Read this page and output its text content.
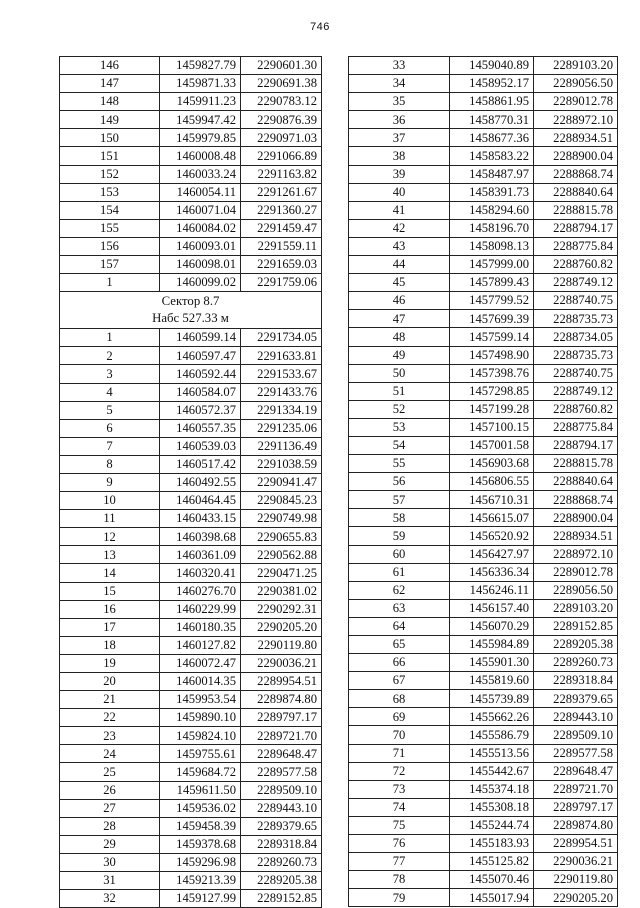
746
146	1459827.79	2290601.30
147	1459871.33	2290691.38
148	1459911.23	2290783.12
149	1459947.42	2290876.39
150	1459979.85	2290971.03
151	1460008.48	2291066.89
152	1460033.24	2291163.82
153	1460054.11	2291261.67
154	1460071.04	2291360.27
155	1460084.02	2291459.47
156	1460093.01	2291559.11
157	1460098.01	2291659.03
1	1460099.02	2291759.06

Сектор 8.7
Набс 527.33 м		

1	1460599.14	2291734.05
2	1460597.47	2291633.81
3	1460592.44	2291533.67
4	1460584.07	2291433.76
5	1460572.37	2291334.19
6	1460557.35	2291235.06
7	1460539.03	2291136.49
8	1460517.42	2291038.59
9	1460492.55	2290941.47
10	1460464.45	2290845.23
11	1460433.15	2290749.98
12	1460398.68	2290655.83
13	1460361.09	2290562.88
14	1460320.41	2290471.25
15	1460276.70	2290381.02
16	1460229.99	2290292.31
17	1460180.35	2290205.20
18	1460127.82	2290119.80
19	1460072.47	2290036.21
20	1460014.35	2289954.51
21	1459953.54	2289874.80
22	1459890.10	2289797.17
23	1459824.10	2289721.70
24	1459755.61	2289648.47
25	1459684.72	2289577.58
26	1459611.50	2289509.10
27	1459536.02	2289443.10
28	1459458.39	2289379.65
29	1459378.68	2289318.84
30	1459296.98	2289260.73
31	1459213.39	2289205.38
32	1459127.99	2289152.85
33	1459040.89	2289103.20
34	1458952.17	2289056.50
35	1458861.95	2289012.78
36	1458770.31	2288972.10
37	1458677.36	2288934.51
38	1458583.22	2288900.04
39	1458487.97	2288868.74
40	1458391.73	2288840.64
41	1458294.60	2288815.78
42	1458196.70	2288794.17
43	1458098.13	2288775.84
44	1457999.00	2288760.82
45	1457899.43	2288749.12
46	1457799.52	2288740.75
47	1457699.39	2288735.73
48	1457599.14	2288734.05
49	1457498.90	2288735.73
50	1457398.76	2288740.75
51	1457298.85	2288749.12
52	1457199.28	2288760.82
53	1457100.15	2288775.84
54	1457001.58	2288794.17
55	1456903.68	2288815.78
56	1456806.55	2288840.64
57	1456710.31	2288868.74
58	1456615.07	2288900.04
59	1456520.92	2288934.51
60	1456427.97	2288972.10
61	1456336.34	2289012.78
62	1456246.11	2289056.50
63	1456157.40	2289103.20
64	1456070.29	2289152.85
65	1455984.89	2289205.38
66	1455901.30	2289260.73
67	1455819.60	2289318.84
68	1455739.89	2289379.65
69	1455662.26	2289443.10
70	1455586.79	2289509.10
71	1455513.56	2289577.58
72	1455442.67	2289648.47
73	1455374.18	2289721.70
74	1455308.18	2289797.17
75	1455244.74	2289874.80
76	1455183.93	2289954.51
77	1455125.82	2290036.21
78	1455070.46	2290119.80
79	1455017.94	2290205.20
